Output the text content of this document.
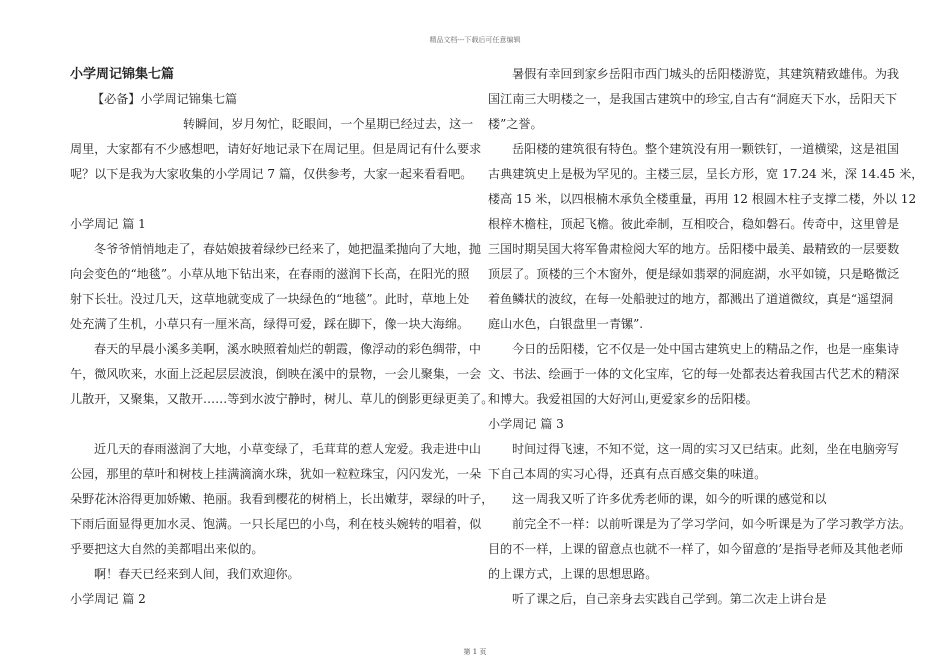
精品文档---下载后可任意编辑
小学周记锦集七篇
【必备】小学周记锦集七篇
转瞬间，岁月匆忙，眨眼间，一个星期已经过去，这一
周里，大家都有不少感想吧，请好好地记录下在周记里。但是周记有什么要求
呢？以下是我为大家收集的小学周记 7 篇，仅供参考，大家一起来看看吧。
小学周记 篇 1
冬爷爷悄悄地走了，春姑娘披着绿纱已经来了，她把温柔抛向了大地，抛
向会变色的“地毯”。小草从地下钻出来，在春雨的滋润下长高，在阳光的照
射下长壮。没过几天，这草地就变成了一块绿色的“地毯”。此时，草地上处
处充满了生机，小草只有一厘米高，绿得可爱，踩在脚下，像一块大海绵。
春天的早晨小溪多美啊，溪水映照着灿烂的朝霞，像浮动的彩色绸带，中
午，微风吹来，水面上泛起层层波浪，倒映在溪中的景物，一会儿聚集，一会
儿散开，又聚集，又散开……等到水波宁静时，树儿、草儿的倒影更绿更美了。
近几天的春雨滋润了大地，小草变绿了，毛茸茸的惹人宠爱。我走进中山
公园，那里的草叶和树枝上挂满滴滴水珠，犹如一粒粒珠宝，闪闪发光，一朵
朵野花沐浴得更加娇嫩、艳丽。我看到樱花的树梢上，长出嫩芽，翠绿的叶子，
下雨后面显得更加水灵、饱满。一只长尾巴的小鸟，利在枝头婉转的唱着，似
乎要把这大自然的美都唱出来似的。
啊！春天已经来到人间，我们欢迎你。
小学周记 篇 2
暑假有幸回到家乡岳阳市西门城头的岳阳楼游览，其建筑精致雄伟。为我
国江南三大明楼之一，是我国古建筑中的珍宝,自古有“洞庭天下水，岳阳天下
楼”之誉。
岳阳楼的建筑很有特色。整个建筑没有用一颗铁钉，一道横梁，这是祖国
古典建筑史上是极为罕见的。主楼三层，呈长方形，宽 17.24 米，深 14.45 米，
楼高 15 米，以四根楠木承负全楼重量，再用 12 根圆木柱子支撑二楼，外以 12
根梓木檐柱，顶起飞檐。彼此牵制，互相咬合，稳如磐石。传奇中，这里曾是
三国时期吴国大将军鲁肃检阅大军的地方。岳阳楼中最美、最精致的一层要数
顶层了。顶楼的三个木窗外，便是绿如翡翠的洞庭湖，水平如镜，只是略微泛
着鱼鳞状的波纹，在每一处船驶过的地方，都溅出了道道微纹，真是“遥望洞
庭山水色，白银盘里一青镙”.
今日的岳阳楼，它不仅是一处中国古建筑史上的精品之作，也是一座集诗
文、书法、绘画于一体的文化宝库，它的每一处都表达着我国古代艺术的精深
和博大。我爱祖国的大好河山,更爱家乡的岳阳楼。
小学周记 篇 3
时间过得飞速，不知不觉，这一周的实习又已结束。此刻，坐在电脑旁写
下自己本周的实习心得，还真有点百感交集的味道。
这一周我又听了许多优秀老师的课，如今的听课的感觉和以
前完全不一样：以前听课是为了学习学问，如今听课是为了学习教学方法。
目的不一样，上课的留意点也就不一样了，如今留意的’是指导老师及其他老师
的上课方式，上课的思想思路。
听了课之后，自己亲身去实践自己学到。第二次走上讲台是
第 1 页
